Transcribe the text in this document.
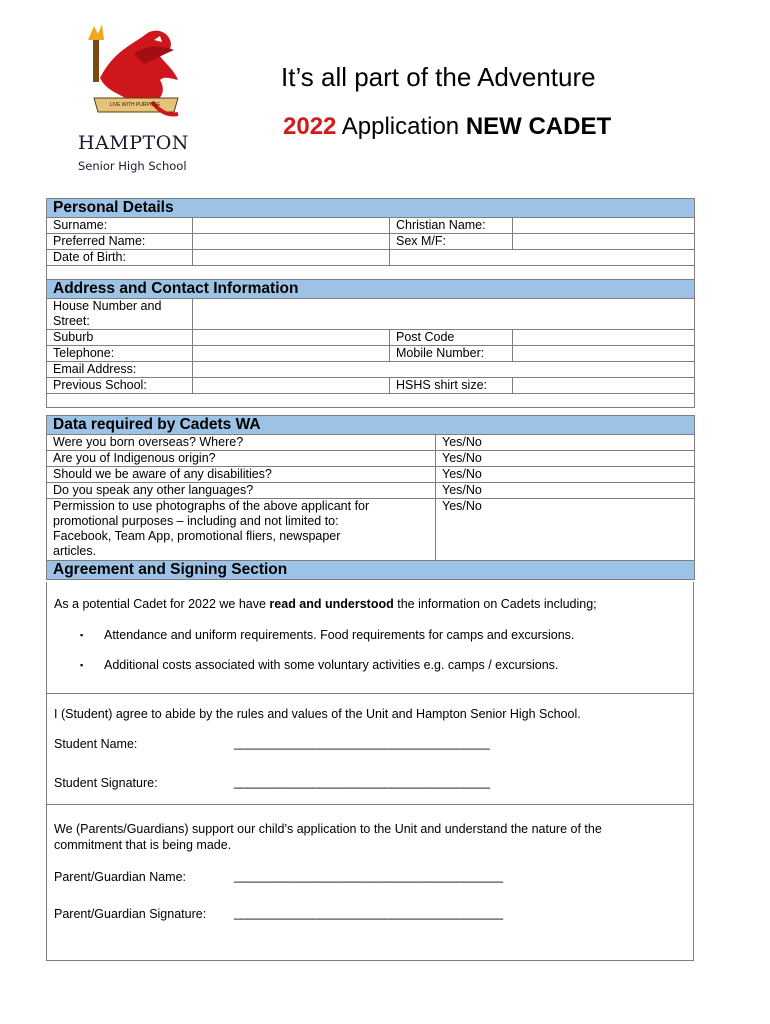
LIVE WITH PURPOSE
HAMPTON
Senior High School
It’s all part of the Adventure
2022 Application NEW CADET
Personal Details			
Surname:		Christian Name:	
Preferred Name:		Sex M/F:	
Date of Birth:			

Address and Contact Information			
House Number and
Street:			
Suburb		Post Code	
Telephone:		Mobile Number:	
Email Address:			
Previous School:		HSHS shirt size:	

Data required by Cadets WA	
Were you born overseas? Where?	Yes/No
Are you of Indigenous origin?	Yes/No
Should we be aware of any disabilities?	Yes/No
Do you speak any other languages?	Yes/No
Permission to use photographs of the above applicant for
promotional purposes – including and not limited to:
Facebook, Team App, promotional fliers, newspaper
articles.	Yes/No
Agreement and Signing Section	
As a potential Cadet for 2022 we have read and understood the information on Cadets including;
▪ Attendance and uniform requirements. Food requirements for camps and excursions.
▪ Additional costs associated with some voluntary activities e.g. camps / excursions.
I (Student) agree to abide by the rules and values of the Unit and Hampton Senior High School.
Student Name:	_______________________________________
Student Signature:	_______________________________________
We (Parents/Guardians) support our child’s application to the Unit and understand the nature of the
commitment that is being made.
Parent/Guardian Name:	_________________________________________
Parent/Guardian Signature: _________________________________________
